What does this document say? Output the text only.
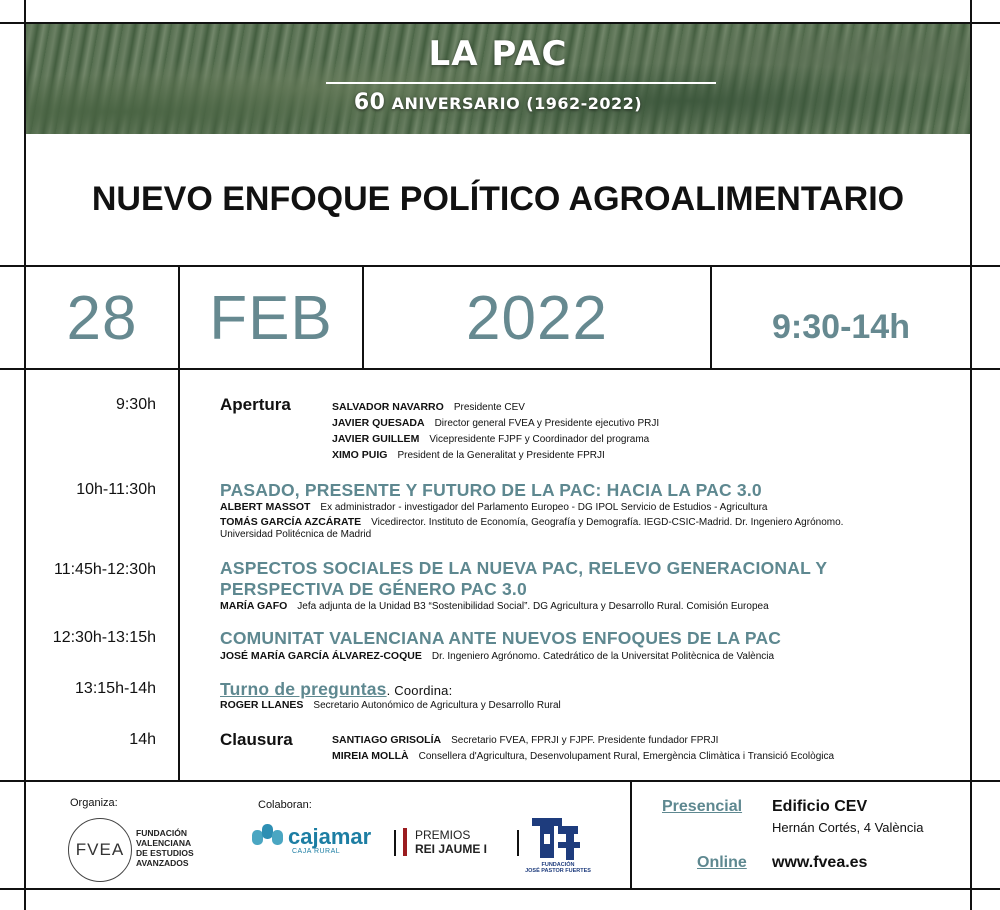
LA PAC
60 ANIVERSARIO (1962-2022)
NUEVO ENFOQUE POLÍTICO AGROALIMENTARIO
28 FEB 2022	9:30-14h
9:30h	Apertura	SALVADOR NAVARRO Presidente CEV
JAVIER QUESADA Director general FVEA y Presidente ejecutivo PRJI
JAVIER GUILLEM Vicepresidente FJPF y Coordinador del programa
XIMO PUIG President de la Generalitat y Presidente FPRJI
10h-11:30h	PASADO, PRESENTE Y FUTURO DE LA PAC: HACIA LA PAC 3.0
ALBERT MASSOT Ex administrador - investigador del Parlamento Europeo - DG IPOL Servicio de Estudios - Agricultura
TOMÁS GARCÍA AZCÁRATE Vicedirector. Instituto de Economía, Geografía y Demografía. IEGD-CSIC-Madrid. Dr. Ingeniero Agrónomo.
Universidad Politécnica de Madrid
11:45h-12:30h	ASPECTOS SOCIALES DE LA NUEVA PAC, RELEVO GENERACIONAL Y
PERSPECTIVA DE GÉNERO PAC 3.0
MARÍA GAFO Jefa adjunta de la Unidad B3 “Sostenibilidad Social”. DG Agricultura y Desarrollo Rural. Comisión Europea
12:30h-13:15h	COMUNITAT VALENCIANA ANTE NUEVOS ENFOQUES DE LA PAC
JOSÉ MARÍA GARCÍA ÁLVAREZ-COQUE Dr. Ingeniero Agrónomo. Catedrático de la Universitat Politècnica de València
13:15h-14h	Turno de preguntas. Coordina:
ROGER LLANES Secretario Autonómico de Agricultura y Desarrollo Rural
14h	Clausura	SANTIAGO GRISOLÍA Secretario FVEA, FPRJI y FJPF. Presidente fundador FPRJI
MIREIA MOLLÀ Consellera d'Agricultura, Desenvolupament Rural, Emergència Climàtica i Transició Ecològica
Organiza:	Colaboran:
FVEA
FUNDACIÓN
VALENCIANA
DE ESTUDIOS
AVANZADOS
cajamar
CAJA RURAL
PREMIOS
REI JAUME I
FUNDACIÓN
JOSÉ PASTOR FUERTES
Presencial Edificio CEV
Hernán Cortés, 4 València
Online www.fvea.es
